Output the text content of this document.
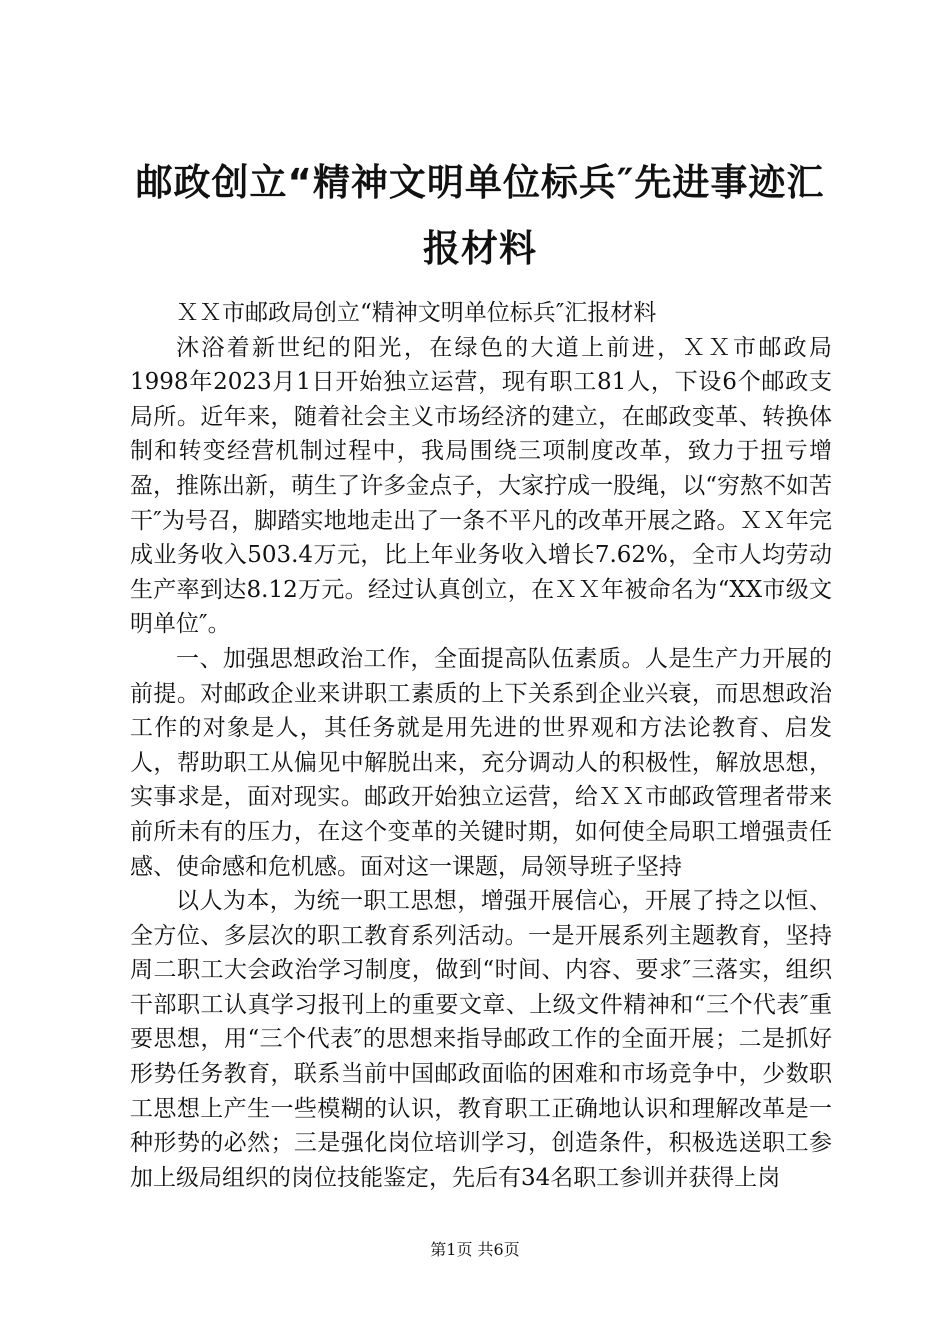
邮政创立“精神文明单位标兵″先进事迹汇报材料

ＸＸ市邮政局创立“精神文明单位标兵″汇报材料

沐浴着新世纪的阳光，在绿色的大道上前进，ＸＸ市邮政局1998年2023月1日开始独立运营，现有职工81人，下设6个邮政支局所。近年来，随着社会主义市场经济的建立，在邮政变革、转换体制和转变经营机制过程中，我局围绕三项制度改革，致力于扭亏增盈，推陈出新，萌生了许多金点子，大家拧成一股绳，以“穷熬不如苦干″为号召，脚踏实地地走出了一条不平凡的改革开展之路。ＸＸ年完成业务收入503.4万元，比上年业务收入增长7.62%，全市人均劳动生产率到达8.12万元。经过认真创立，在ＸＸ年被命名为“XX市级文明单位″。

一、加强思想政治工作，全面提高队伍素质。人是生产力开展的前提。对邮政企业来讲职工素质的上下关系到企业兴衰，而思想政治工作的对象是人，其任务就是用先进的世界观和方法论教育、启发人，帮助职工从偏见中解脱出来，充分调动人的积极性，解放思想，实事求是，面对现实。邮政开始独立运营，给ＸＸ市邮政管理者带来前所未有的压力，在这个变革的关键时期，如何使全局职工增强责任感、使命感和危机感。面对这一课题，局领导班子坚持

以人为本，为统一职工思想，增强开展信心，开展了持之以恒、全方位、多层次的职工教育系列活动。一是开展系列主题教育，坚持周二职工大会政治学习制度，做到“时间、内容、要求″三落实，组织干部职工认真学习报刊上的重要文章、上级文件精神和“三个代表″重要思想，用“三个代表″的思想来指导邮政工作的全面开展；二是抓好形势任务教育，联系当前中国邮政面临的困难和市场竞争中，少数职工思想上产生一些模糊的认识，教育职工正确地认识和理解改革是一种形势的必然；三是强化岗位培训学习，创造条件，积极选送职工参加上级局组织的岗位技能鉴定，先后有34名职工参训并获得上岗

第1页 共6页
